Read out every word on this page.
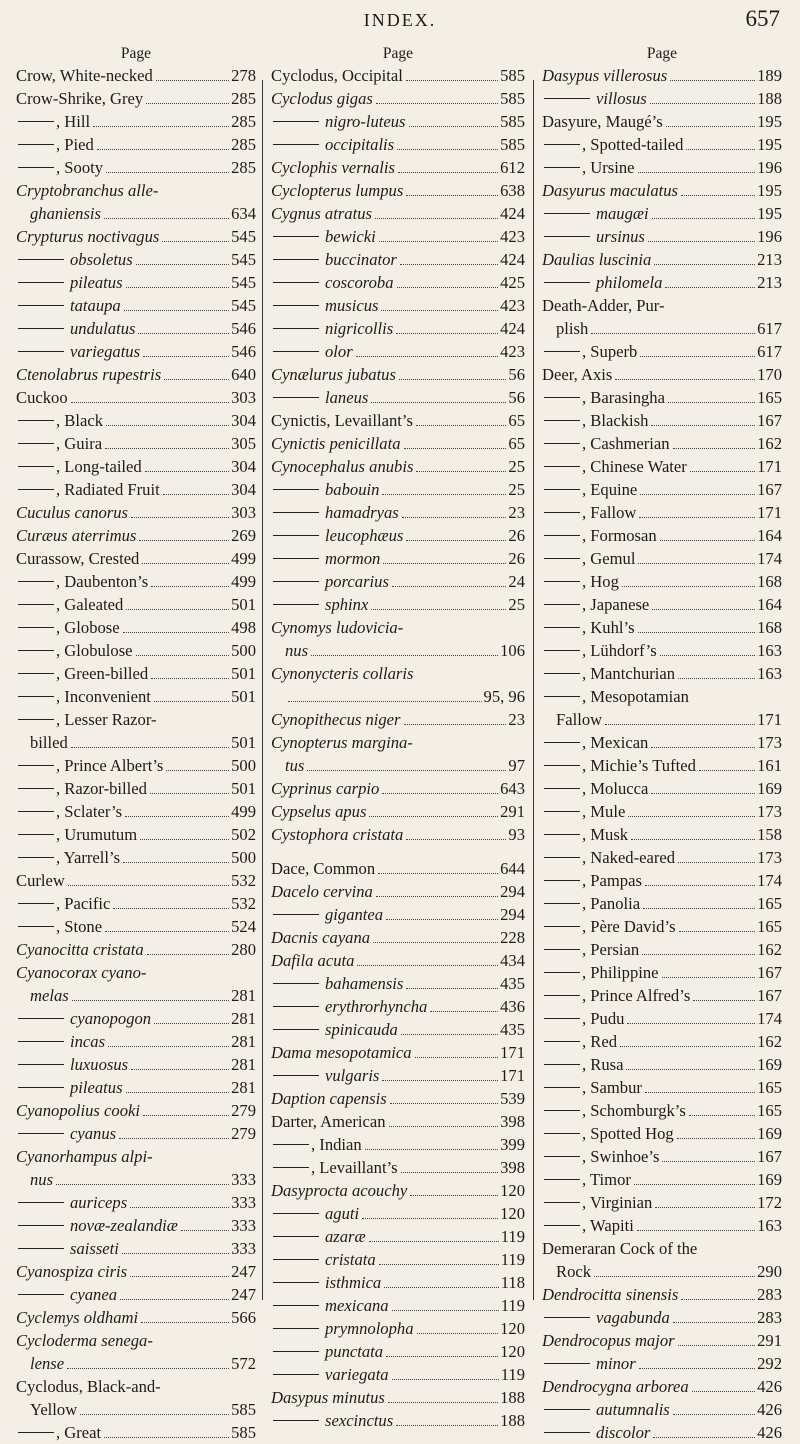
INDEX.	657
Page
Crow, White-necked	278
Crow-Shrike, Grey	285
, Hill	285
, Pied	285
, Sooty	285
Cryptobranchus alle-
ghaniensis	634
Crypturus noctivagus	545
obsoletus	545
pileatus	545
tataupa	545
undulatus	546
variegatus	546
Ctenolabrus rupestris	640
Cuckoo	303
, Black	304
, Guira	305
, Long-tailed	304
, Radiated Fruit	304
Cuculus canorus	303
Curæus aterrimus	269
Curassow, Crested	499
, Daubenton’s	499
, Galeated	501
, Globose	498
, Globulose	500
, Green-billed	501
, Inconvenient	501
, Lesser Razor-
billed	501
, Prince Albert’s	500
, Razor-billed	501
, Sclater’s	499
, Urumutum	502
, Yarrell’s	500
Curlew	532
, Pacific	532
, Stone	524
Cyanocitta cristata	280
Cyanocorax cyano-
melas	281
cyanopogon	281
incas	281
luxuosus	281
pileatus	281
Cyanopolius cooki	279
cyanus	279
Cyanorhampus alpi-
nus	333
auriceps	333
novæ-zealandiæ	333
saisseti	333
Cyanospiza ciris	247
cyanea	247
Cyclemys oldhami	566
Cycloderma senega-
lense	572
Cyclodus, Black-and-
Yellow	585
, Great	585
Page
Cyclodus, Occipital	585
Cyclodus gigas	585
nigro-luteus	585
occipitalis	585
Cyclophis vernalis	612
Cyclopterus lumpus	638
Cygnus atratus	424
bewicki	423
buccinator	424
coscoroba	425
musicus	423
nigricollis	424
olor	423
Cynælurus jubatus	56
laneus	56
Cynictis, Levaillant’s	65
Cynictis penicillata	65
Cynocephalus anubis	25
babouin	25
hamadryas	23
leucophæus	26
mormon	26
porcarius	24
sphinx	25
Cynomys ludovicia-
nus	106
Cynonycteris collaris
95, 96
Cynopithecus niger	23
Cynopterus margina-
tus	97
Cyprinus carpio	643
Cypselus apus	291
Cystophora cristata	93
Dace, Common	644
Dacelo cervina	294
gigantea	294
Dacnis cayana	228
Dafila acuta	434
bahamensis	435
erythrorhyncha	436
spinicauda	435
Dama mesopotamica	171
vulgaris	171
Daption capensis	539
Darter, American	398
, Indian	399
, Levaillant’s	398
Dasyprocta acouchy	120
aguti	120
azaræ	119
cristata	119
isthmica	118
mexicana	119
prymnolopha	120
punctata	120
variegata	119
Dasypus minutus	188
sexcinctus	188
Page
Dasypus villerosus	189
villosus	188
Dasyure, Maugé’s	195
, Spotted-tailed	195
, Ursine	196
Dasyurus maculatus	195
maugæi	195
ursinus	196
Daulias luscinia	213
philomela	213
Death-Adder, Pur-
plish	617
, Superb	617
Deer, Axis	170
, Barasingha	165
, Blackish	167
, Cashmerian	162
, Chinese Water	171
, Equine	167
, Fallow	171
, Formosan	164
, Gemul	174
, Hog	168
, Japanese	164
, Kuhl’s	168
, Lühdorf’s	163
, Mantchurian	163
, Mesopotamian
Fallow	171
, Mexican	173
, Michie’s Tufted	161
, Molucca	169
, Mule	173
, Musk	158
, Naked-eared	173
, Pampas	174
, Panolia	165
, Père David’s	165
, Persian	162
, Philippine	167
, Prince Alfred’s	167
, Pudu	174
, Red	162
, Rusa	169
, Sambur	165
, Schomburgk’s	165
, Spotted Hog	169
, Swinhoe’s	167
, Timor	169
, Virginian	172
, Wapiti	163
Demeraran Cock of the
Rock	290
Dendrocitta sinensis	283
vagabunda	283
Dendrocopus major	291
minor	292
Dendrocygna arborea	426
autumnalis	426
discolor	426
